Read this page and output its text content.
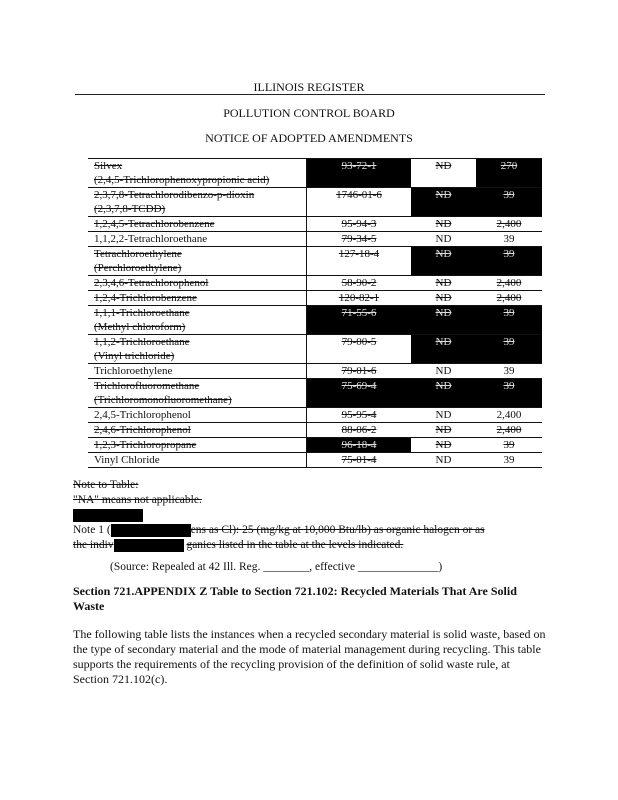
ILLINOIS REGISTER
POLLUTION CONTROL BOARD
NOTICE OF ADOPTED AMENDMENTS
Silvex
(2,4,5-Trichlorophenoxypropionic acid)	93-72-1	ND	270

2,3,7,8-Tetrachlorodibenzo-p-dioxin
(2,3,7,8-TCDD)	1746-01-6	ND	39

1,2,4,5-Tetrachlorobenzene	95-94-3	ND	2,400

1,1,2,2-Tetrachloroethane	79-34-5	ND	39

Tetrachloroethylene
(Perchloroethylene)	127-18-4	ND	39

2,3,4,6-Tetrachlorophenol	58-90-2	ND	2,400

1,2,4-Trichlorobenzene	120-82-1	ND	2,400

1,1,1-Trichloroethane
(Methyl chloroform)	71-55-6	ND	39

1,1,2-Trichloroethane
(Vinyl trichloride)	79-00-5	ND	39

Trichloroethylene	79-01-6	ND	39

Trichlorofluoromethane
(Trichloromonofluoromethane)	75-69-4	ND	39

2,4,5-Trichlorophenol	95-95-4	ND	2,400

2,4,6-Trichlorophenol	88-06-2	ND	2,400

1,2,3-Trichloropropane	96-18-4	ND	39

Vinyl Chloride	75-01-4	ND	39
Note to Table:
"NA" means not applicable.
Note 1 (	ens as Cl): 25 (mg/kg at 10,000 Btu/lb) as organic halogen or as
the indiv	ganics listed in the table at the levels indicated.
(Source: Repealed at 42 Ill. Reg. ________, effective ______________)
Section 721.APPENDIX Z Table to Section 721.102: Recycled Materials That Are Solid Waste
The following table lists the instances when a recycled secondary material is solid waste, based on the type of secondary material and the mode of material management during recycling. This table supports the requirements of the recycling provision of the definition of solid waste rule, at Section 721.102(c).
